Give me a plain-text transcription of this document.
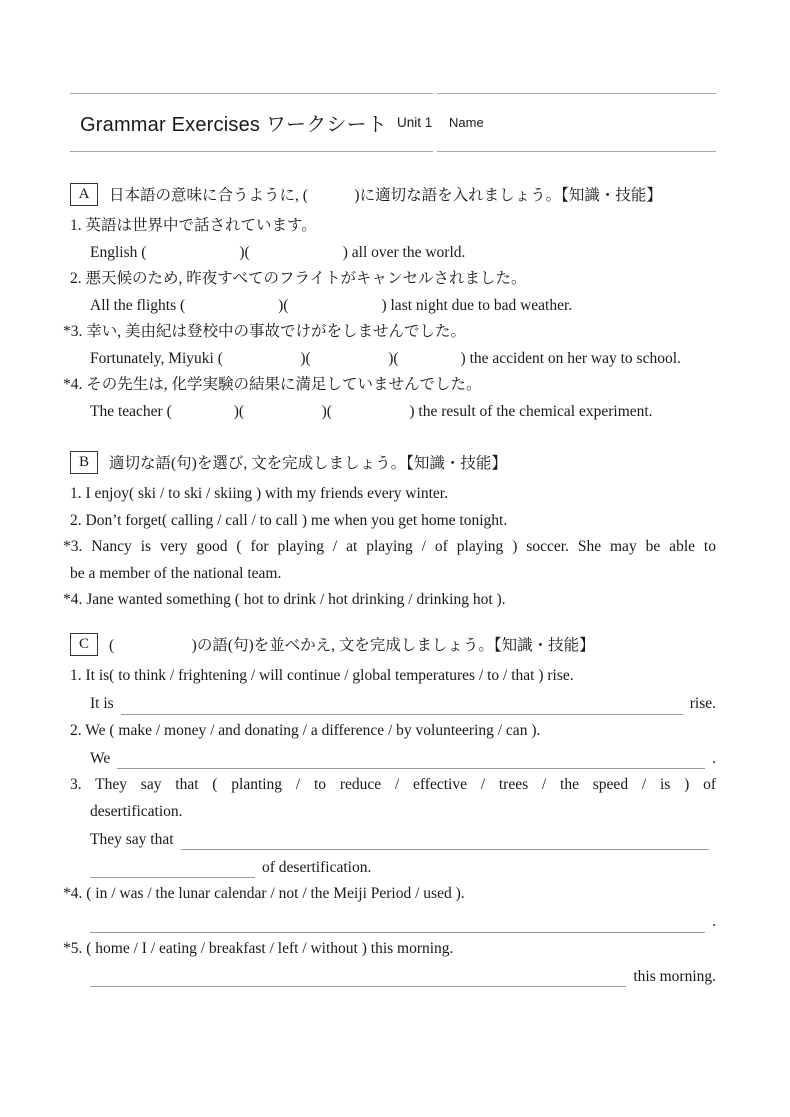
Grammar Exercises ワークシート Unit 1 Name
A	日本語の意味に合うように, (　　　)に適切な語を入れましょう。【知識・技能】
1. 英語は世界中で話されています。
English (　　　　　　)(　　　　　　) all over the world.
2. 悪天候のため, 昨夜すべてのフライトがキャンセルされました。
All the flights (　　　　　　)(　　　　　　) last night due to bad weather.
*3. 幸い, 美由紀は登校中の事故でけがをしませんでした。
Fortunately, Miyuki (　　　　　)(　　　　　)(　　　　) the accident on her way to school.
*4. その先生は, 化学実験の結果に満足していませんでした。
The teacher (　　　　)(　　　　　)(　　　　　) the result of the chemical experiment.
B	適切な語(句)を選び, 文を完成しましょう。【知識・技能】
1. I enjoy( ski / to ski / skiing ) with my friends every winter.
2. Don’t forget( calling / call / to call ) me when you get home tonight.
*3. Nancy is very good ( for playing / at playing / of playing ) soccer. She may be able to
be a member of the national team.
*4. Jane wanted something ( hot to drink / hot drinking / drinking hot ).
C	(　　　　　)の語(句)を並べかえ, 文を完成しましょう。【知識・技能】
1. It is( to think / frightening / will continue / global temperatures / to / that ) rise.
It is	rise.
2. We ( make / money / and donating / a difference / by volunteering / can ).
We	.
3. They say that ( planting / to reduce / effective / trees / the speed / is ) of
desertification.
They say that
of desertification.
*4. ( in / was / the lunar calendar / not / the Meiji Period / used ).
.
*5. ( home / I / eating / breakfast / left / without ) this morning.
this morning.
